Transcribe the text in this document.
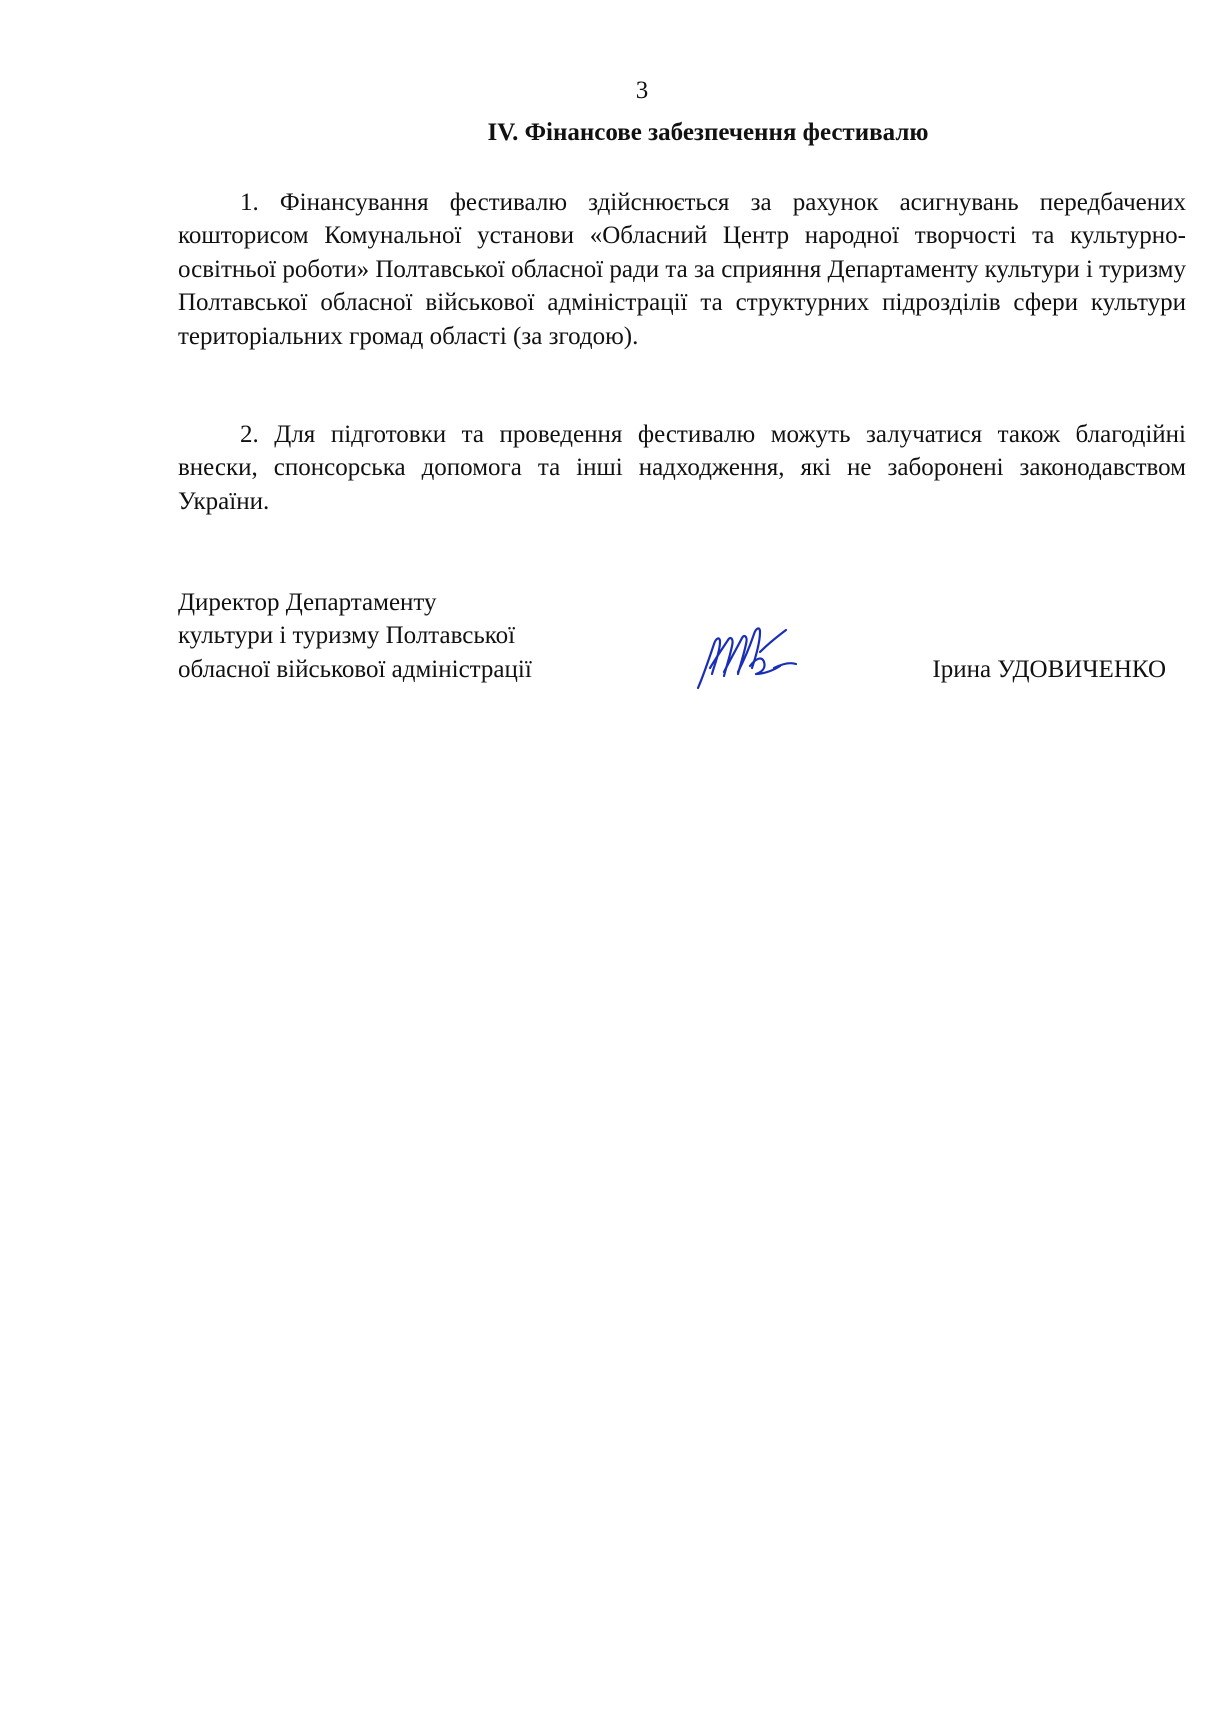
3
IV. Фінансове забезпечення фестивалю

1. Фінансування фестивалю здійснюється за рахунок асигнувань передбачених кошторисом Комунальної установи «Обласний Центр народної творчості та культурно-освітньої роботи» Полтавської обласної ради та за сприяння Департаменту культури і туризму Полтавської обласної військової адміністрації та структурних підрозділів сфери культури територіальних громад області (за згодою).

2. Для підготовки та проведення фестивалю можуть залучатися також благодійні внески, спонсорська допомога та інші надходження, які не заборонені законодавством України.

Директор Департаменту
культури і туризму Полтавської
обласної військової адміністрації	Ірина УДОВИЧЕНКО
